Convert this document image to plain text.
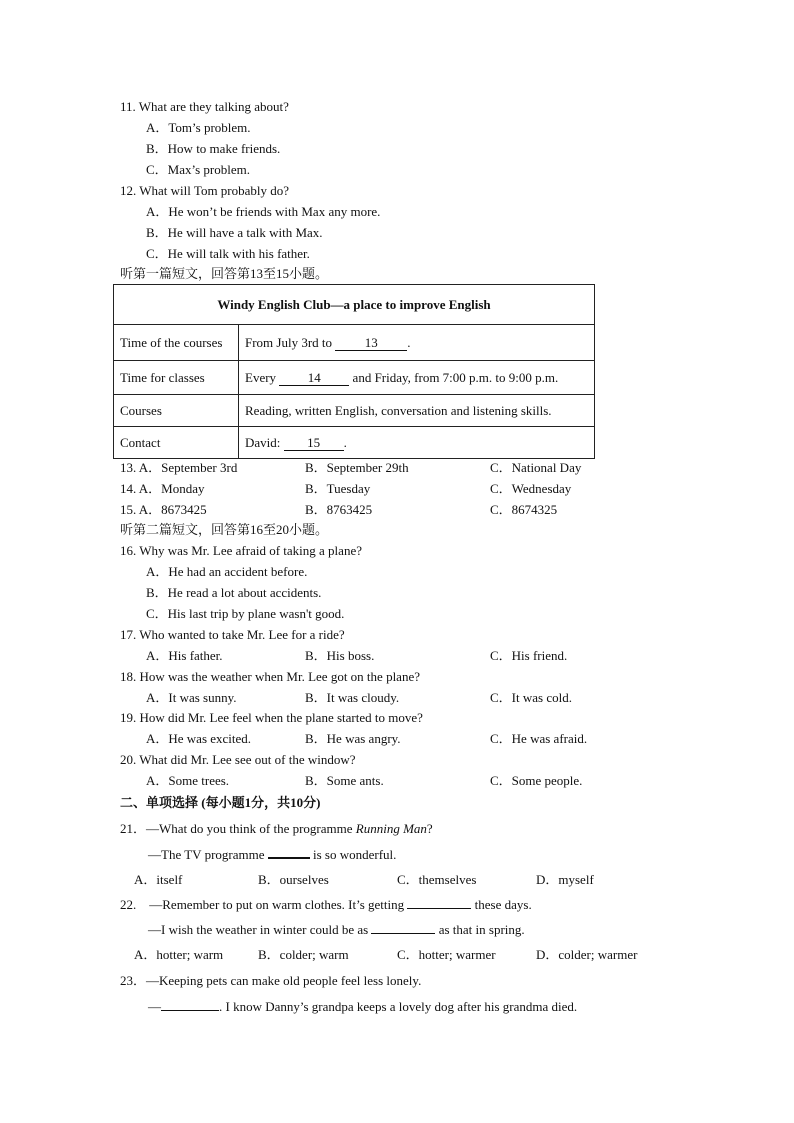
11. What are they talking about?
A．Tom’s problem.
B．How to make friends.
C．Max’s problem.
12. What will Tom probably do?
A．He won’t be friends with Max any more.
B．He will have a talk with Max.
C．He will talk with his father.
听第一篇短文，回答第13至15小题。
Windy English Club—a place to improve English	
Time of the courses	From July 3rd to 13 .
Time for classes	Every 14 and Friday, from 7:00 p.m. to 9:00 p.m.
Courses	Reading, written English, conversation and listening skills.
Contact	David: 15 .
13. A．September 3rd	B．September 29th	C．National Day
14. A．Monday	B．Tuesday	C．Wednesday
15. A．8673425	B．8763425	C．8674325
听第二篇短文，回答第16至20小题。
16. Why was Mr. Lee afraid of taking a plane?
A．He had an accident before.
B．He read a lot about accidents.
C．His last trip by plane wasn't good.
17. Who wanted to take Mr. Lee for a ride?
A．His father.	B．His boss.	C．His friend.
18. How was the weather when Mr. Lee got on the plane?
A．It was sunny.	B．It was cloudy.	C．It was cold.
19. How did Mr. Lee feel when the plane started to move?
A．He was excited.	B．He was angry.	C．He was afraid.
20. What did Mr. Lee see out of the window?
A．Some trees.	B．Some ants.	C．Some people.
二、单项选择 (每小题1分，共10分)
21．—What do you think of the programme Running Man?
—The TV programme	is so wonderful.
A．itself	B．ourselves	C．themselves	D．myself
22.    —Remember to put on warm clothes. It’s getting	these days.
—I wish the weather in winter could be as	as that in spring.
A．hotter; warm	B．colder; warm	C．hotter; warmer	D．colder; warmer
23．—Keeping pets can make old people feel less lonely.
—	. I know Danny’s grandpa keeps a lovely dog after his grandma died.
